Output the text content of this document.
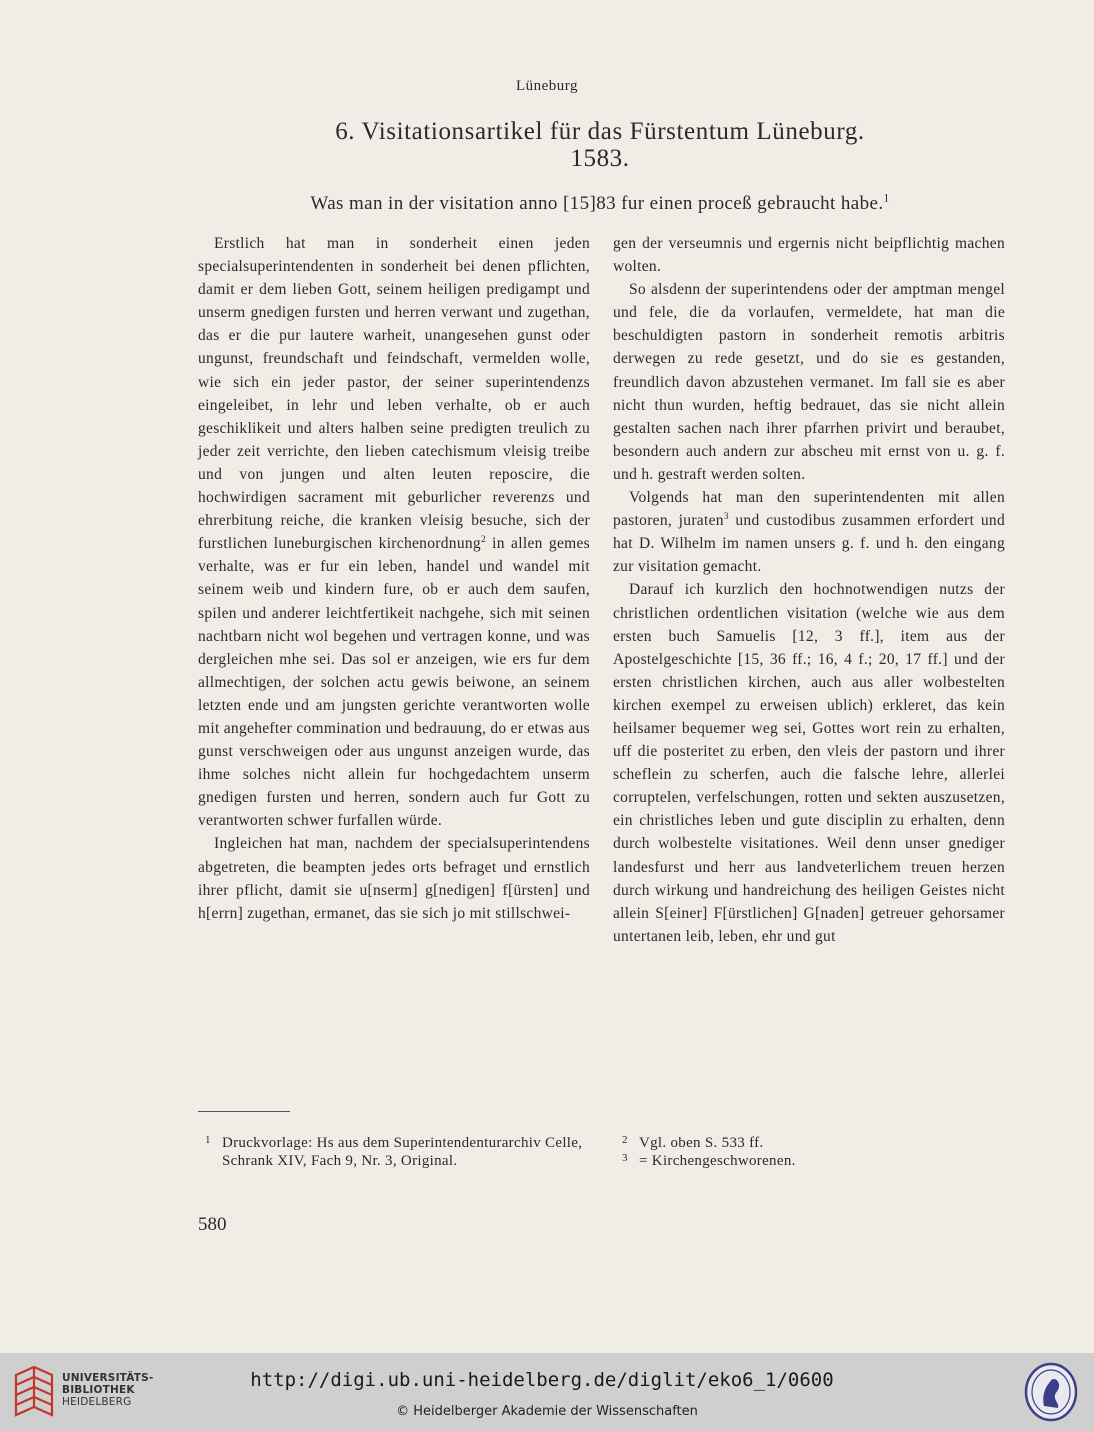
Lüneburg
6. Visitationsartikel für das Fürstentum Lüneburg.
1583.
Was man in der visitation anno [15]83 fur einen proceß gebraucht habe.$^1$

Erstlich hat man in sonderheit einen jeden specialsuperintendenten in sonderheit bei denen pflichten, damit er dem lieben Gott, seinem heiligen predigampt und unserm gnedigen fursten und herren verwant und zugethan, das er die pur lautere warheit, unangesehen gunst oder ungunst, freundschaft und feindschaft, vermelden wolle, wie sich ein jeder pastor, der seiner superintendenzs eingeleibet, in lehr und leben verhalte, ob er auch geschiklikeit und alters halben seine predigten treulich zu jeder zeit verrichte, den lieben catechismum vleisig treibe und von jungen und alten leuten reposcire, die hochwirdigen sacrament mit geburlicher reverenzs und ehrerbitung reiche, die kranken vleisig besuche, sich der furstlichen luneburgischen kirchenordnung$^2$ in allen gemes verhalte, was er fur ein leben, handel und wandel mit seinem weib und kindern fure, ob er auch dem saufen, spilen und anderer leichtfertikeit nachgehe, sich mit seinen nachtbarn nicht wol begehen und vertragen konne, und was dergleichen mhe sei. Das sol er anzeigen, wie ers fur dem allmechtigen, der solchen actu gewis beiwone, an seinem letzten ende und am jungsten gerichte verantworten wolle mit angehefter commination und bedrauung, do er etwas aus gunst verschweigen oder aus ungunst anzeigen wurde, das ihme solches nicht allein fur hochgedachtem unserm gnedigen fursten und herren, sondern auch fur Gott zu verantworten schwer furfallen würde.

Ingleichen hat man, nachdem der specialsuperintendens abgetreten, die beampten jedes orts befraget und ernstlich ihrer pflicht, damit sie u[nserm] g[nedigen] f[ürsten] und h[errn] zugethan, ermanet, das sie sich jo mit stillschwei-

gen der verseumnis und ergernis nicht beipflichtig machen wolten.

So alsdenn der superintendens oder der amptman mengel und fele, die da vorlaufen, vermeldete, hat man die beschuldigten pastorn in sonderheit remotis arbitris derwegen zu rede gesetzt, und do sie es gestanden, freundlich davon abzustehen vermanet. Im fall sie es aber nicht thun wurden, heftig bedrauet, das sie nicht allein gestalten sachen nach ihrer pfarrhen privirt und beraubet, besondern auch andern zur abscheu mit ernst von u. g. f. und h. gestraft werden solten.

Volgends hat man den superintendenten mit allen pastoren, juraten$^3$ und custodibus zusammen erfordert und hat D. Wilhelm im namen unsers g. f. und h. den eingang zur visitation gemacht.

Darauf ich kurzlich den hochnotwendigen nutzs der christlichen ordentlichen visitation (welche wie aus dem ersten buch Samuelis [12, 3 ff.], item aus der Apostelgeschichte [15, 36 ff.; 16, 4 f.; 20, 17 ff.] und der ersten christlichen kirchen, auch aus aller wolbestelten kirchen exempel zu erweisen ublich) erkleret, das kein heilsamer bequemer weg sei, Gottes wort rein zu erhalten, uff die posteritet zu erben, den vleis der pastorn und ihrer scheflein zu scherfen, auch die falsche lehre, allerlei corruptelen, verfelschungen, rotten und sekten auszusetzen, ein christliches leben und gute disciplin zu erhalten, denn durch wolbestelte visitationes. Weil denn unser gnediger landesfurst und herr aus landveterlichem treuen herzen durch wirkung und handreichung des heiligen Geistes nicht allein S[einer] F[ürstlichen] G[naden] getreuer gehorsamer untertanen leib, leben, ehr und gut

1 Druckvorlage: Hs aus dem Superintendenturarchiv Celle, Schrank XIV, Fach 9, Nr. 3, Original.
2 Vgl. oben S. 533 ff.
3 = Kirchengeschworenen.
580
UNIVERSITÄTS-
BIBLIOTHEK
HEIDELBERG
http://digi.ub.uni-heidelberg.de/diglit/eko6_1/0600
© Heidelberger Akademie der Wissenschaften
